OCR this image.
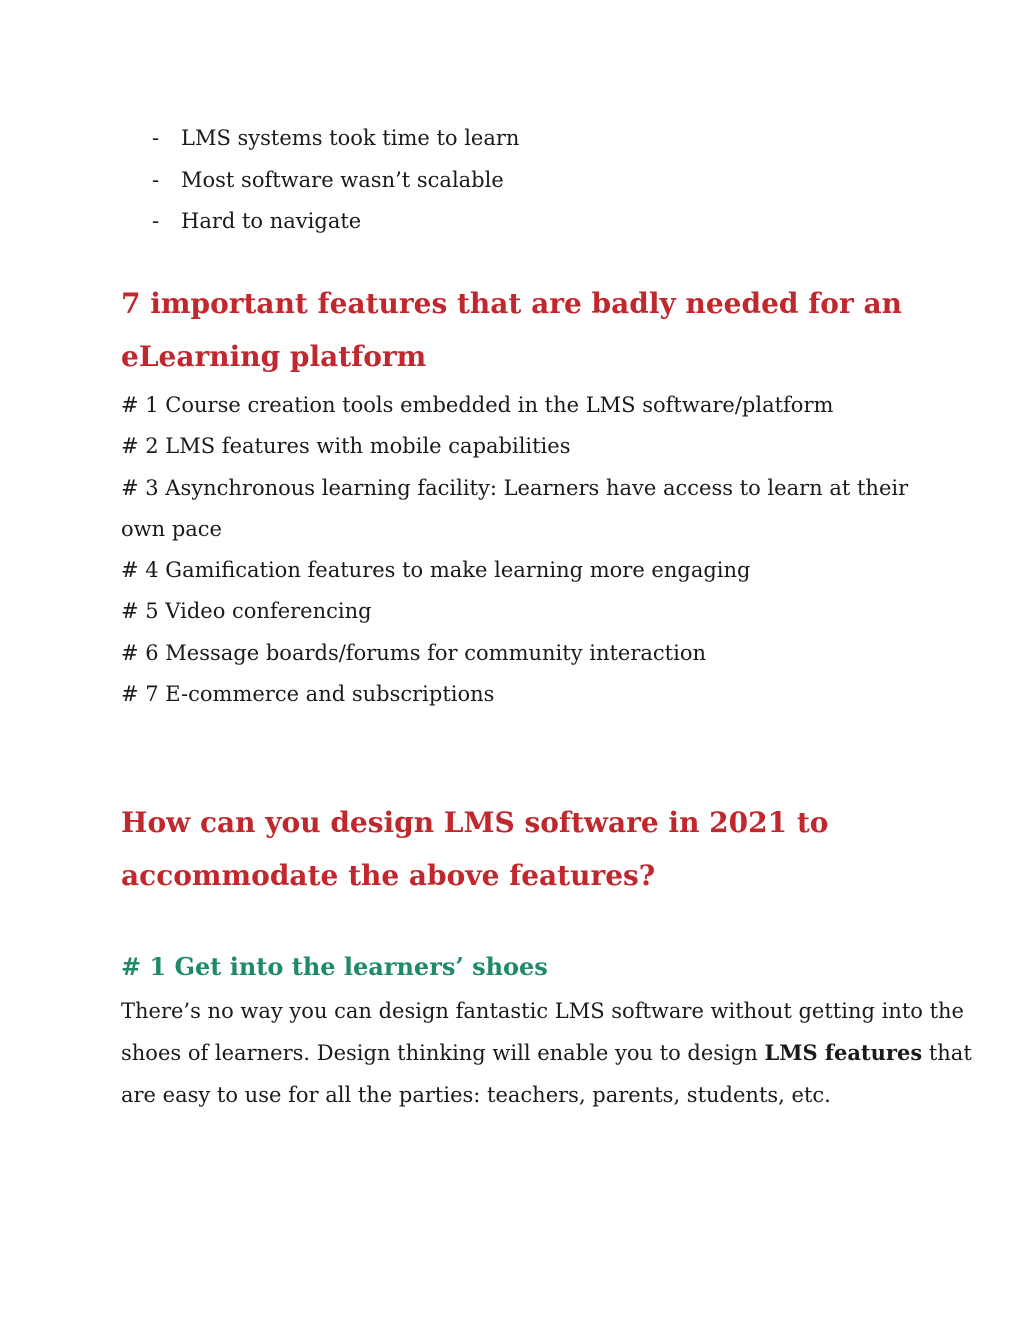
- LMS systems took time to learn
- Most software wasn’t scalable
- Hard to navigate
7 important features that are badly needed for an
eLearning platform
# 1 Course creation tools embedded in the LMS software/platform
# 2 LMS features with mobile capabilities
# 3 Asynchronous learning facility: Learners have access to learn at their own pace
# 4 Gamification features to make learning more engaging
# 5 Video conferencing
# 6 Message boards/forums for community interaction
# 7 E-commerce and subscriptions
How can you design LMS software in 2021 to
accommodate the above features?
# 1 Get into the learners’ shoes

There’s no way you can design fantastic LMS software without getting into the
shoes of learners. Design thinking will enable you to design LMS features that
are easy to use for all the parties: teachers, parents, students, etc.
